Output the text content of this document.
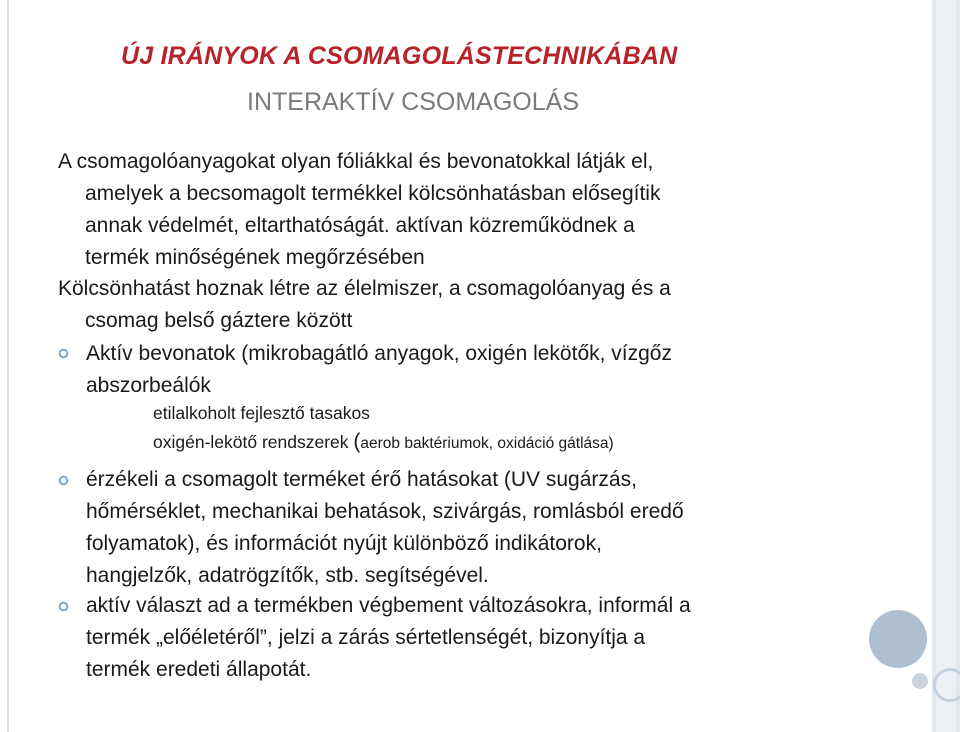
ÚJ IRÁNYOK A CSOMAGOLÁSTECHNIKÁBAN
INTERAKTÍV CSOMAGOLÁS
A csomagolóanyagokat olyan fóliákkal és bevonatokkal látják el,
amelyek a becsomagolt termékkel kölcsönhatásban elősegítik
annak védelmét, eltarthatóságát. aktívan közreműködnek a
termék minőségének megőrzésében
Kölcsönhatást hoznak létre az élelmiszer, a csomagolóanyag és a
csomag belső gáztere között
Aktív bevonatok (mikrobagátló anyagok, oxigén lekötők, vízgőz
abszorbeálók
etilalkoholt fejlesztő tasakos
oxigén-lekötő rendszerek (aerob baktériumok, oxidáció gátlása)
érzékeli a csomagolt terméket érő hatásokat (UV sugárzás,
hőmérséklet, mechanikai behatások, szivárgás, romlásból eredő
folyamatok), és információt nyújt különböző indikátorok,
hangjelzők, adatrögzítők, stb. segítségével.
aktív választ ad a termékben végbement változásokra, informál a
termék „előéletéről”, jelzi a zárás sértetlenségét, bizonyítja a
termék eredeti állapotát.
